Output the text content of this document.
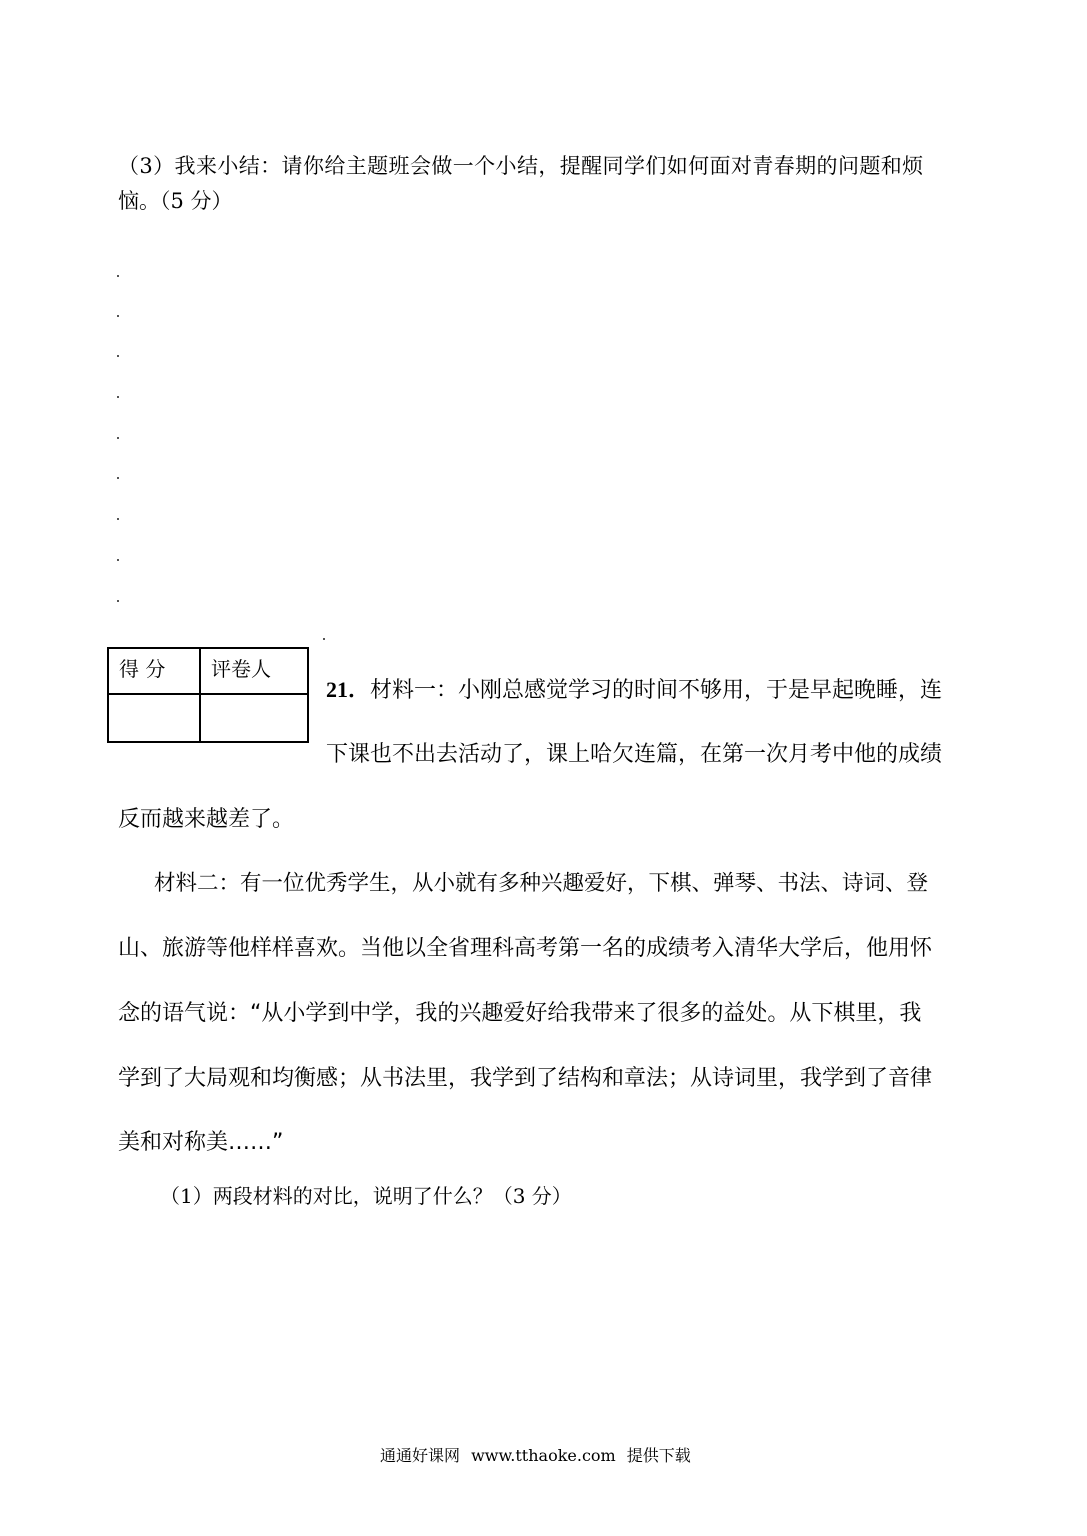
（3）我来小结：请你给主题班会做一个小结，提醒同学们如何面对青春期的问题和烦
恼。（5 分）
得 分	评卷人

21．材料一：小刚总感觉学习的时间不够用，于是早起晚睡，连
下课也不出去活动了，课上哈欠连篇，在第一次月考中他的成绩
反而越来越差了。
材料二：有一位优秀学生，从小就有多种兴趣爱好，下棋、弹琴、书法、诗词、登
山、旅游等他样样喜欢。当他以全省理科高考第一名的成绩考入清华大学后，他用怀
念的语气说：“从小学到中学，我的兴趣爱好给我带来了很多的益处。从下棋里，我
学到了大局观和均衡感；从书法里，我学到了结构和章法；从诗词里，我学到了音律
美和对称美……”
（1）两段材料的对比，说明了什么？（3 分）
通通好课网 www.tthaoke.com 提供下载
